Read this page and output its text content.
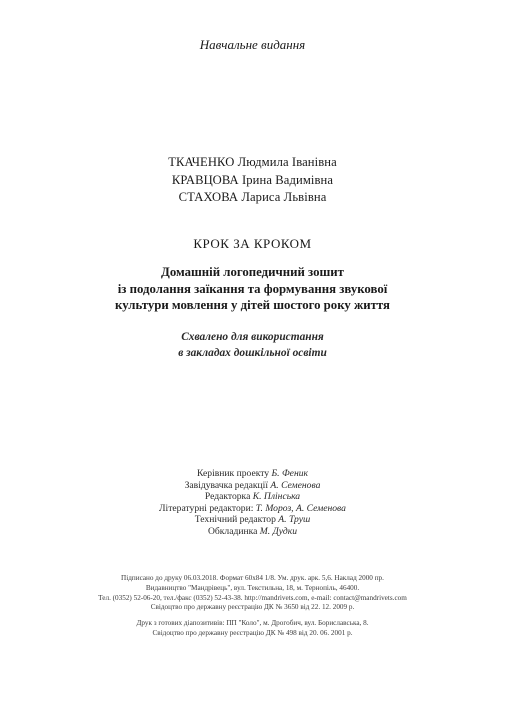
Навчальне видання
ТКАЧЕНКО Людмила Іванівна
КРАВЦОВА Ірина Вадимівна
СТАХОВА Лариса Львівна
КРОК ЗА КРОКОМ
Домашній логопедичний зошит
із подолання заїкання та формування звукової
культури мовлення у дітей шостого року життя
Схвалено для використання
в закладах дошкільної освіти
Керівник проекту Б. Феник
Завідувачка редакції А. Семенова
Редакторка К. Плінська
Літературні редактори: Т. Мороз, А. Семенова
Технічний редактор А. Труш
Обкладинка М. Дудки
Підписано до друку 06.03.2018. Формат 60х84 1/8. Ум. друк. арк. 5,6. Наклад 2000 пр.
Видавництво "Мандрівець", вул. Текстильна, 18, м. Тернопіль, 46400.
Тел. (0352) 52-06-20, тел./факс (0352) 52-43-38. http://mandrivets.com, e-mail: contact@mandrivets.com
Свідоцтво про державну реєстрацію ДК № 3650 від 22. 12. 2009 р.
Друк з готових діапозитивів: ПП "Коло", м. Дрогобич, вул. Бориславська, 8.
Свідоцтво про державну реєстрацію ДК № 498 від 20. 06. 2001 р.
